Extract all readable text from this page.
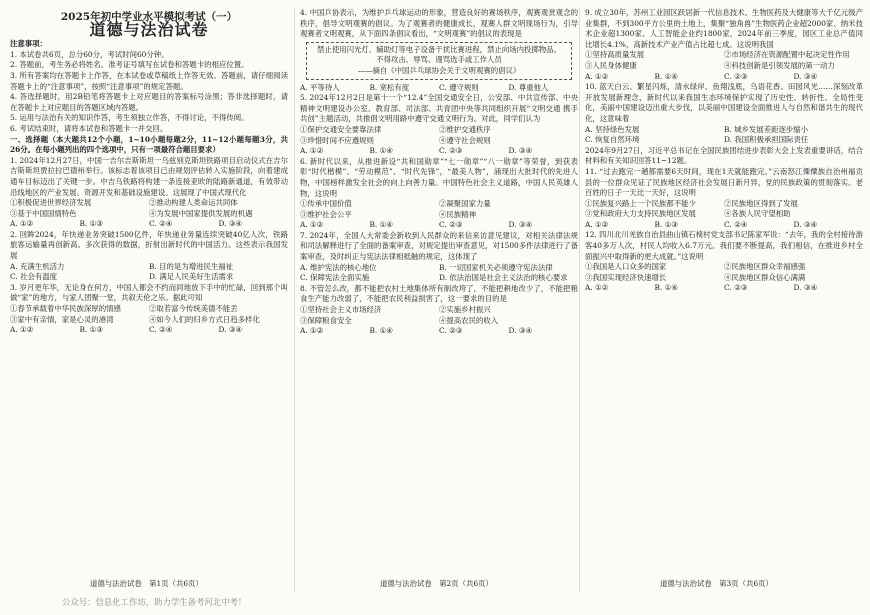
2025年初中学业水平模拟考试（一）
道德与法治试卷
注意事项：

1. 本试卷共6页，总分60分，考试时间60分钟。

2. 答题前，考生务必将姓名、准考证号填写在试卷和答题卡的相应位置。

3. 所有答案均在答题卡上作答，在本试卷或草稿纸上作答无效。答题前，请仔细阅读答题卡上的“注意事项”，按照“注意事项”的规定答题。

4. 答选择题时，用2B铅笔将答题卡上对应题目的答案标号涂黑；答非选择题时，请在答题卡上对应题目的答题区域内答题。

5. 运用与法治有关的知识作答，考生须独立作答，不得讨论，不得传阅。

6. 考试结束时，请将本试卷和答题卡一并交回。

一、选择题（本大题共12个小题，1~10小题每题2分，11~12小题每题3分，共26分。在每小题列出的四个选项中，只有一项最符合题目要求）

1. 2024年12月27日，中国一吉尔吉斯斯坦一乌兹别克斯坦铁路项目启动仪式在吉尔吉斯斯坦贾拉拉巴德州举行。该标志着该项目已由规划评估转入实施阶段，向着建成通车目标迈出了关键一步。中吉乌铁路将构建一条连接亚欧的陆路新通道，有效带动沿线地区的产业发展、资源开发和基础设施建设。这展现了中国式现代化

①积极促进世界经济发展	②推动构建人类命运共同体
③基于中国国情特色	④为发展中国家提供发展的机遇
A. ①②	B. ①③	C. ②④	D. ③④

2. 回眸2024，年快递业务突破1500亿件，年快递业务量连续突破40亿人次，铁路旅客运输量再创新高。多次获得的数据，折射出新时代的中国活力。这些表示我国发展

A. 充满生机活力	B. 目的是为增进民生福祉
C. 社会有温度	D. 满足人民美好生活需求

3. 岁月更年华，无论身在何方，中国人都会不约而同地放下手中的忙碌，回到那个叫做“家”的地方，与家人团聚一堂，共叙天伦之乐。据此可知

①春节承载着中华民族深厚的情感	②取若富今传统美德不能丢
③家中有亲情，家是心灵的港湾	④如今人们的归乡方式日趋多样化
A. ①②	B. ①③	C. ②④	D. ③④

4. 中国乒协表示，为维护乒乓球运动的形象，营造良好的赛场秩序，观赛观赏观念的秩序，倡导文明观赛的倡议。为了观赛者的健康成长，观赛人群文明现场行为，引导观赛者文明观赛，从下面四条倡议看出，“文明观赛”的倡议的表现是

禁止使用闪光灯、辅助灯等电子设备干扰比赛进程，禁止向场内投掷物品。
不得攻击、辱骂、谩骂选手或工作人员
——摘自《中国乒乓球协会关于文明观赛的倡议》
A. 平等待人	B. 宽松有度	C. 遵守规则	D. 尊重他人

5. 2024年12月2日是第十一个“12.4”全国交通安全日，公安部、中共宣传部、中央精神文明建设办公室、教育部、司法部、共青团中央等共同组织开展“文明交通 携手共创”主题活动，共推倡文明用路中遵守交通文明行为。对此，同学们认为

①保护交通安全要靠法律	②维护交通秩序
③珍惜时间不应遵规则	④遵守社会规则
A. ①②	B. ①④	C. ②③	D. ③④

6. 新时代以来，从推进新设“共和国勋章”“七一勋章”“八一勋章”等荣誉，到获表彰“时代楷模”、“劳动模范”、“时代先锋”，“最美人物”，涌现出大批时代的先进人物，中国榜样激发全社会的向上向善力量。中国特色社会主义道路，中国人民英雄人物，这说明

①传承中国价值	②凝聚国家力量
③维护社会公平	④民族精神
A. ①②	B. ①④	C. ②③	D. ③④

7. 2024年，全国人大常委会新收到人民群众的来信来访意见建议，对相关法律法规和司法解释进行了全面的备案审查，对规定提出审查意见，对1500多件法律进行了备案审查，及时纠正与宪法法律相抵触的规定，这体现了

A. 维护宪法的核心地位	B. 一切国家机关必须遵守宪法法律
C. 保障宪法全面实施	D. 依法治国是社会主义法治的核心要求

8. 不管怎么改，都不能把农村土地集体所有制改垮了，不能把耕地改少了，不能把粮食生产能力改弱了，不能把农民利益损害了，这一要求的目的是

①坚持社会主义市场经济	②实施乡村振兴
③保障粮食安全	④提高农民的收入
A. ①②	B. ①④	C. ②③	D. ③④

9. 成立30年，苏州工业园区跃居新一代信息技术、生物医药及大健康等大千亿元级产业集群，不到300平方公里的土地上，集聚“独角兽”生物医药企业超2000家、纳米技术企业超1300家、人工智能企业约1800家，2024年前三季度，园区工业总产值同比增长4.1%，高新技术产业产值占比超七成。这说明我国

①坚持高质量发展	②市场经济在资源配置中起决定性作用
③人民身体健康	④科技创新是引领发展的第一动力
A. ①②	B. ①④	C. ②③	D. ③④

10. 蓝天白云、繁星闪烁，清水绿岸、鱼翔浅底，乌语花香、田园风光……深刻改革开放发展新理念，新时代以来我国生态环境保护实现了历史性、转折性、全局性变化，美丽中国建设迈出重大步伐，以美丽中国建设全面推进人与自然和谐共生的现代化，这意味着

A. 坚持绿色发展	B. 城乡发展差距逐步缩小
C. 恢复自然环境	D. 我国积极承担国际责任

2024年9月27日，习近平总书记在全国民族团结进步表彰大会上发表重要讲话，结合材料和有关知识回答11~12题。

11. “过去跑完一趟都需要6天时间，现在1天就能跑完。”云南怒江傈僳族自治州福贡县的一位群众见证了民族地区经济社会发展日新月异，党的民族政策的贯彻落实。老百姓的日子一天比一天好，这说明

①民族复兴路上一个民族都不能少	②民族地区得到了发展
③党和政府大力支持民族地区发展	④各族人民守望相助
A. ①②	B. ①③	C. ②④	D. ③④

12. 四川北川羌族自治县曲山镇石椅村党支部书记陈家军说：“去年，我的全村接待游客40多万人次，村民人均收入6.7万元。我们要不断提高，我们相信，在推进乡村全面振兴中取得新的更大成就。”这说明

①我国是人口众多的国家	②民族地区群众幸福感强
③我国实现经济快速增长	④民族地区群众信心满满
A. ①②	B. ①④	C. ②③	D. ③④
道德与法治试卷　第1页（共6页）	道德与法治试卷　第2页（共6页）	道德与法治试卷　第3页（共6页）
公众号：信息化工作坊，助力学生备考河北中考！
